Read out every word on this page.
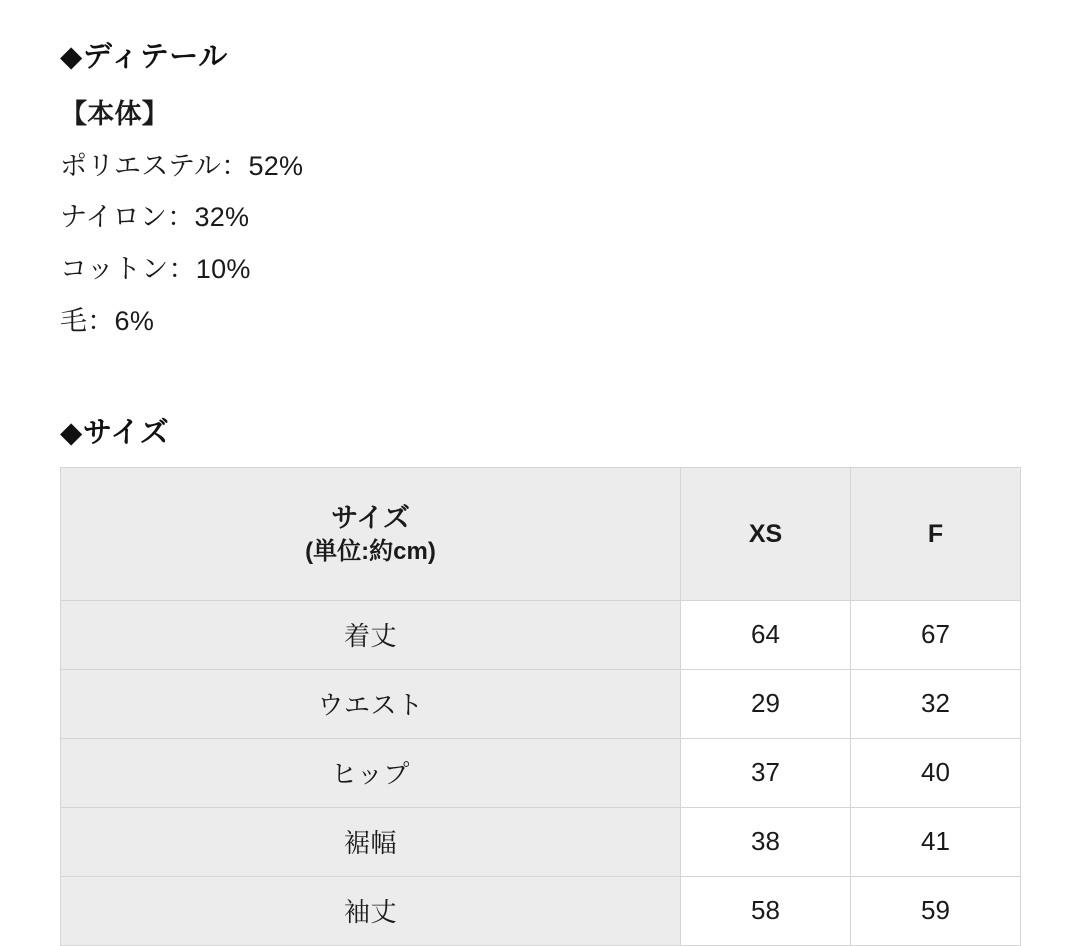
◆ディテール
【本体】
ポリエステル：52%
ナイロン：32%
コットン：10%
毛：6%
◆サイズ
サイズ
(単位:約cm)	XS	F
着丈	64	67
ウエスト	29	32
ヒップ	37	40
裾幅	38	41
袖丈	58	59
